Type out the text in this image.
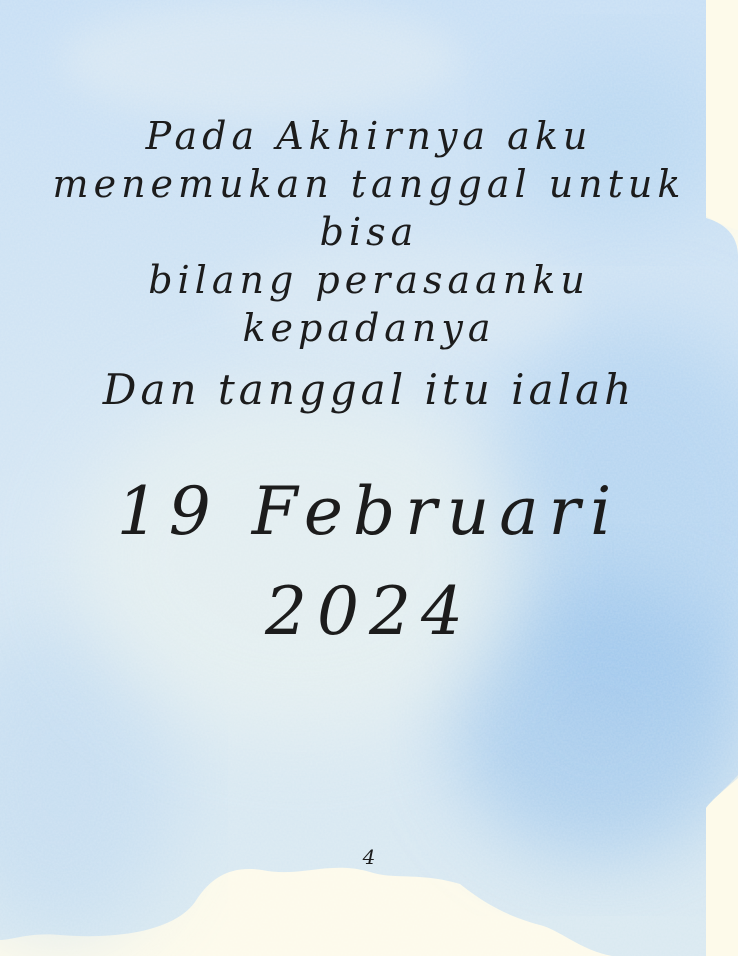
Pada Akhirnya aku
menemukan tanggal untuk bisa
bilang perasaanku kepadanya
Dan tanggal itu ialah
19 Februari 2024
4
